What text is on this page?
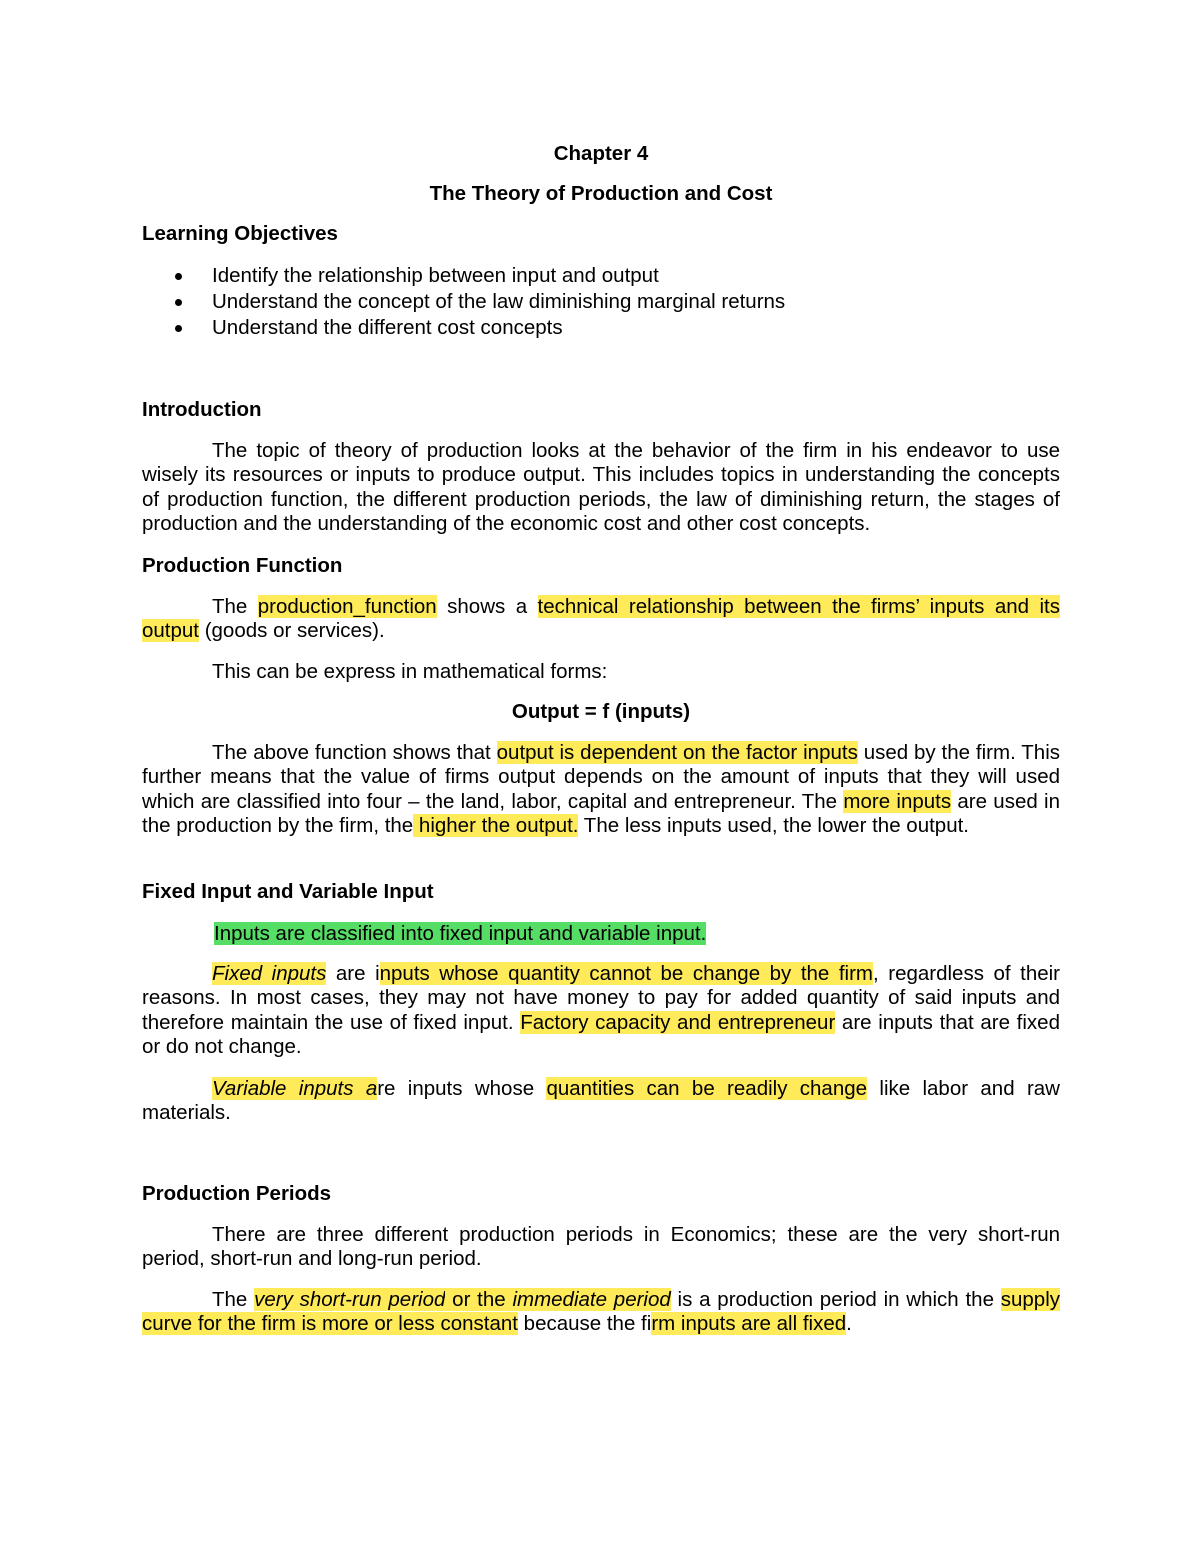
Chapter 4
The Theory of Production and Cost
Learning Objectives
Identify the relationship between input and output
Understand the concept of the law diminishing marginal returns
Understand the different cost concepts
Introduction

The topic of theory of production looks at the behavior of the firm in his endeavor to use wisely its resources or inputs to produce output. This includes topics in understanding the concepts of production function, the different production periods, the law of diminishing return, the stages of production and the understanding of the economic cost and other cost concepts.

Production Function

The production_function shows a technical relationship between the firms’ inputs and its output (goods or services).

This can be express in mathematical forms:

Output = f (inputs)

The above function shows that output is dependent on the factor inputs used by the firm. This further means that the value of firms output depends on the amount of inputs that they will used which are classified into four – the land, labor, capital and entrepreneur. The more inputs are used in the production by the firm, the higher the output. The less inputs used, the lower the output.

Fixed Input and Variable Input

Inputs are classified into fixed input and variable input.

Fixed inputs are inputs whose quantity cannot be change by the firm, regardless of their reasons. In most cases, they may not have money to pay for added quantity of said inputs and therefore maintain the use of fixed input. Factory capacity and entrepreneur are inputs that are fixed or do not change.

Variable inputs are inputs whose quantities can be readily change like labor and raw materials.

Production Periods

There are three different production periods in Economics; these are the very short-run period, short-run and long-run period.

The very short-run period or the immediate period is a production period in which the supply curve for the firm is more or less constant because the firm inputs are all fixed.
